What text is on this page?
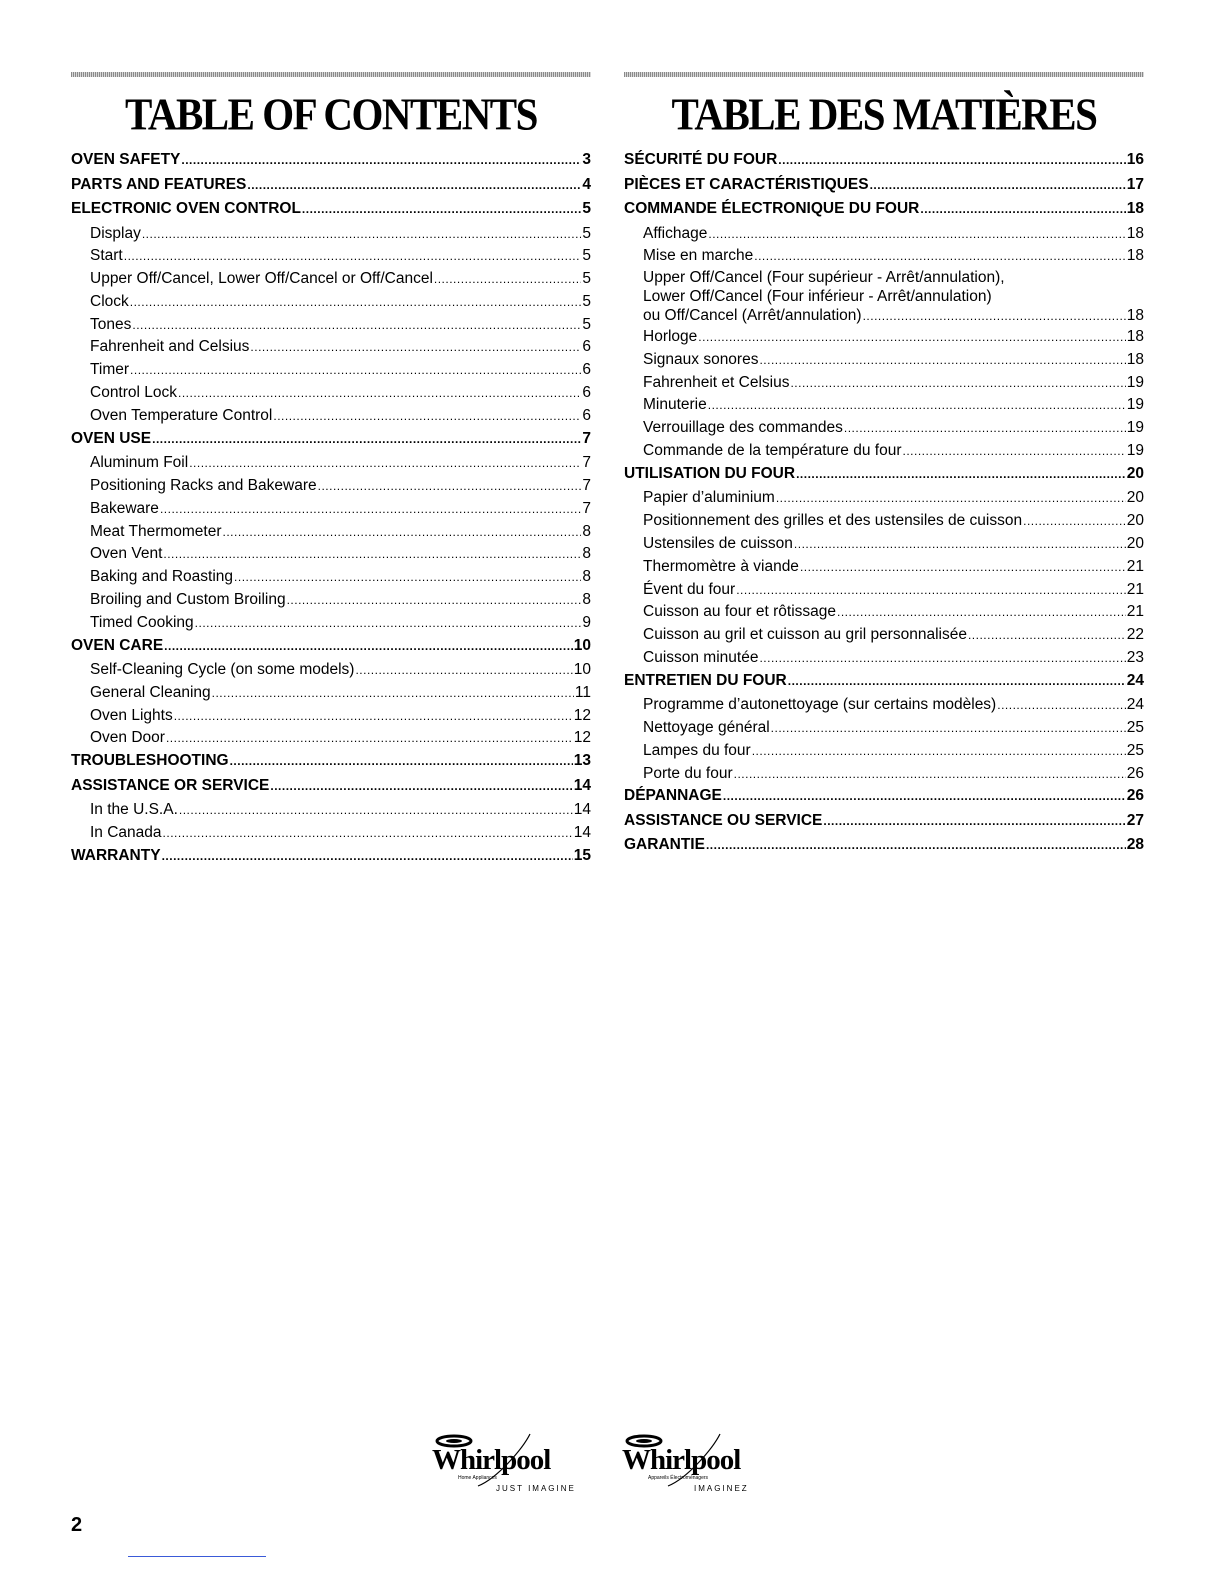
TABLE OF CONTENTS
OVEN SAFETY .....	3
PARTS AND FEATURES .....	4
ELECTRONIC OVEN CONTROL .....	5
Display .....	5
Start .....	5
Upper Off/Cancel, Lower Off/Cancel or Off/Cancel .....	5
Clock .....	5
Tones .....	5
Fahrenheit and Celsius .....	6
Timer .....	6
Control Lock .....	6
Oven Temperature Control .....	6
OVEN USE .....	7
Aluminum Foil .....	7
Positioning Racks and Bakeware .....	7
Bakeware .....	7
Meat Thermometer .....	8
Oven Vent .....	8
Baking and Roasting .....	8
Broiling and Custom Broiling .....	8
Timed Cooking .....	9
OVEN CARE .....	10
Self-Cleaning Cycle (on some models) .....	10
General Cleaning .....	11
Oven Lights .....	12
Oven Door .....	12
TROUBLESHOOTING .....	13
ASSISTANCE OR SERVICE .....	14
In the U.S.A. .....	14
In Canada .....	14
WARRANTY .....	15
TABLE DES MATIÈRES
SÉCURITÉ DU FOUR .....	16
PIÈCES ET CARACTÉRISTIQUES .....	17
COMMANDE ÉLECTRONIQUE DU FOUR .....	18
Affichage .....	18
Mise en marche .....	18
Upper Off/Cancel (Four supérieur - Arrêt/annulation),
Lower Off/Cancel (Four inférieur - Arrêt/annulation)
ou Off/Cancel (Arrêt/annulation) .....	18
Horloge .....	18
Signaux sonores .....	18
Fahrenheit et Celsius .....	19
Minuterie .....	19
Verrouillage des commandes .....	19
Commande de la température du four .....	19
UTILISATION DU FOUR .....	20
Papier d’aluminium .....	20
Positionnement des grilles et des ustensiles de cuisson .....	20
Ustensiles de cuisson .....	20
Thermomètre à viande .....	21
Évent du four .....	21
Cuisson au four et rôtissage .....	21
Cuisson au gril et cuisson au gril personnalisée .....	22
Cuisson minutée .....	23
ENTRETIEN DU FOUR .....	24
Programme d’autonettoyage (sur certains modèles) .....	24
Nettoyage général .....	25
Lampes du four .....	25
Porte du four .....	26
DÉPANNAGE .....	26
ASSISTANCE OU SERVICE .....	27
GARANTIE .....	28
Whirlpool
Home Appliances
JUST IMAGINE
Whirlpool
Appareils Électroménagers
IMAGINEZ
2
